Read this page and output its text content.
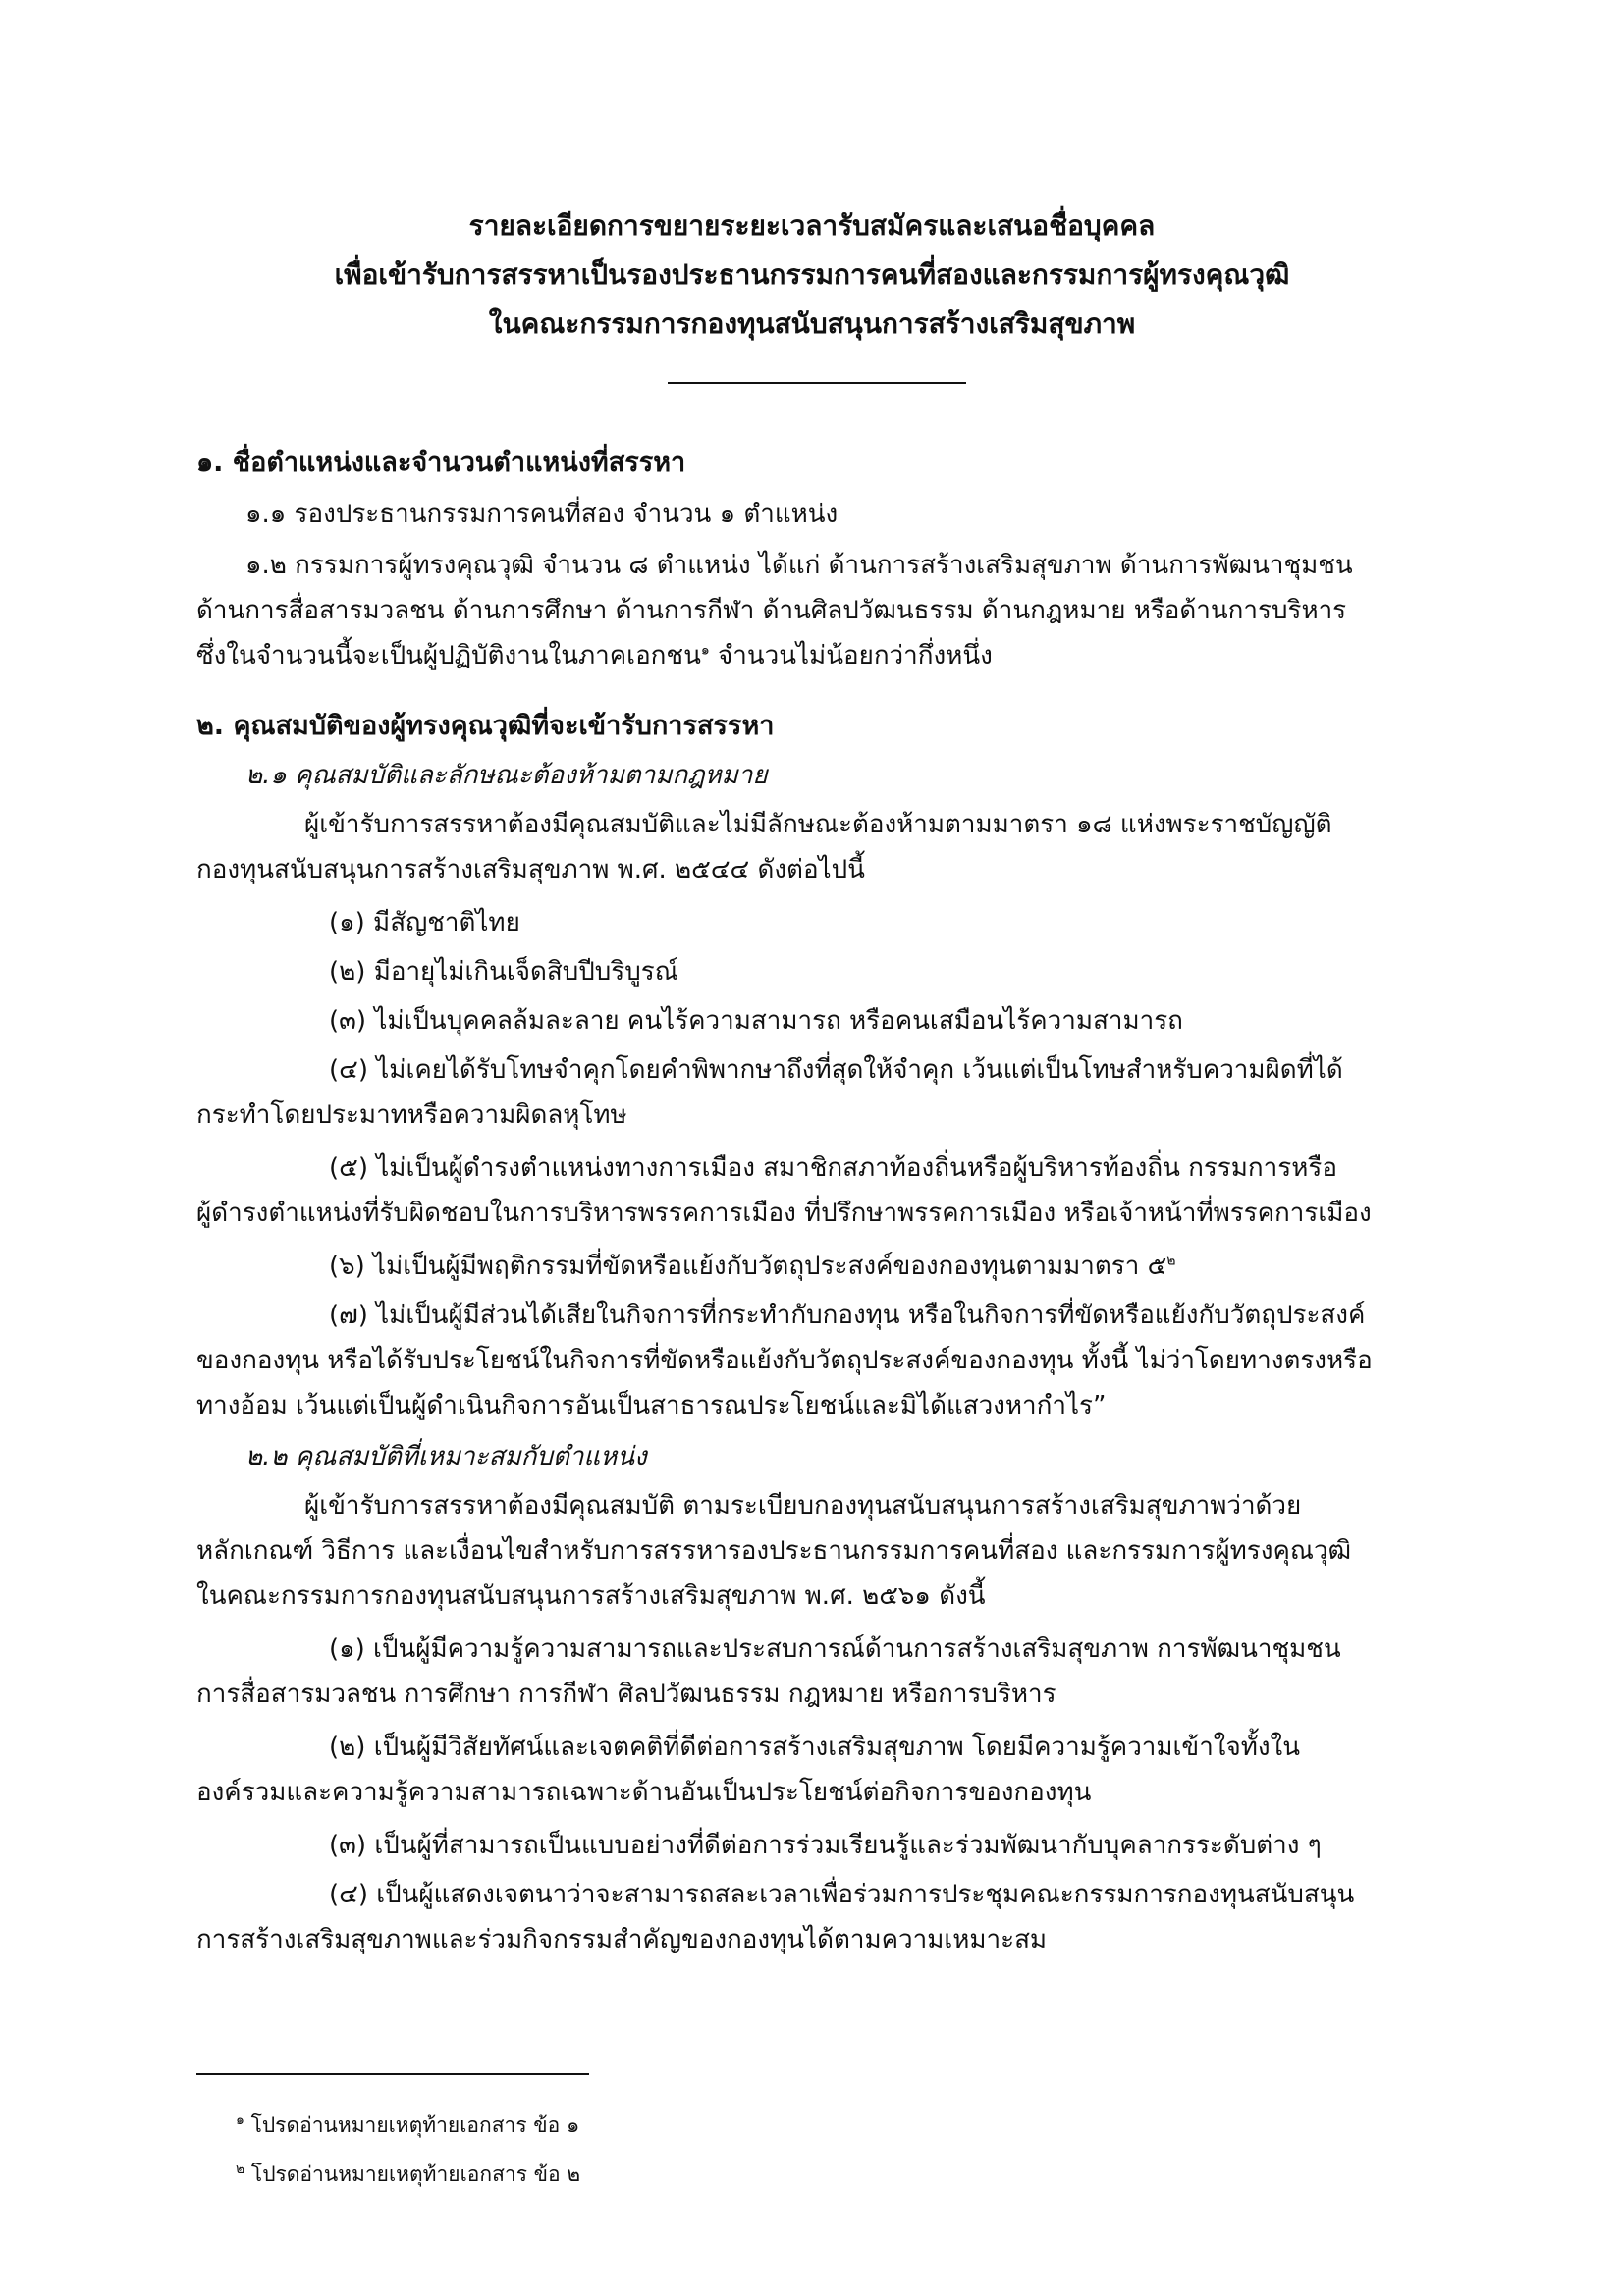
รายละเอียดการขยายระยะเวลารับสมัครและเสนอชื่อบุคคล
เพื่อเข้ารับการสรรหาเป็นรองประธานกรรมการคนที่สองและกรรมการผู้ทรงคุณวุฒิ
ในคณะกรรมการกองทุนสนับสนุนการสร้างเสริมสุขภาพ
๑. ชื่อตำแหน่งและจำนวนตำแหน่งที่สรรหา
๑.๑ รองประธานกรรมการคนที่สอง จำนวน ๑ ตำแหน่ง
๑.๒ กรรมการผู้ทรงคุณวุฒิ จำนวน ๘ ตำแหน่ง ได้แก่ ด้านการสร้างเสริมสุขภาพ ด้านการพัฒนาชุมชน
ด้านการสื่อสารมวลชน ด้านการศึกษา ด้านการกีฬา ด้านศิลปวัฒนธรรม ด้านกฎหมาย หรือด้านการบริหาร
ซึ่งในจำนวนนี้จะเป็นผู้ปฏิบัติงานในภาคเอกชน$^๑$ จำนวนไม่น้อยกว่ากึ่งหนึ่ง
๒. คุณสมบัติของผู้ทรงคุณวุฒิที่จะเข้ารับการสรรหา
๒.๑ คุณสมบัติและลักษณะต้องห้ามตามกฎหมาย
ผู้เข้ารับการสรรหาต้องมีคุณสมบัติและไม่มีลักษณะต้องห้ามตามมาตรา ๑๘ แห่งพระราชบัญญัติ
กองทุนสนับสนุนการสร้างเสริมสุขภาพ พ.ศ. ๒๕๔๔ ดังต่อไปนี้
(๑) มีสัญชาติไทย
(๒) มีอายุไม่เกินเจ็ดสิบปีบริบูรณ์
(๓) ไม่เป็นบุคคลล้มละลาย คนไร้ความสามารถ หรือคนเสมือนไร้ความสามารถ
(๔) ไม่เคยได้รับโทษจำคุกโดยคำพิพากษาถึงที่สุดให้จำคุก เว้นแต่เป็นโทษสำหรับความผิดที่ได้
กระทำโดยประมาทหรือความผิดลหุโทษ
(๕) ไม่เป็นผู้ดำรงตำแหน่งทางการเมือง สมาชิกสภาท้องถิ่นหรือผู้บริหารท้องถิ่น กรรมการหรือ
ผู้ดำรงตำแหน่งที่รับผิดชอบในการบริหารพรรคการเมือง ที่ปรึกษาพรรคการเมือง หรือเจ้าหน้าที่พรรคการเมือง
(๖) ไม่เป็นผู้มีพฤติกรรมที่ขัดหรือแย้งกับวัตถุประสงค์ของกองทุนตามมาตรา ๕$^๒$
(๗) ไม่เป็นผู้มีส่วนได้เสียในกิจการที่กระทำกับกองทุน หรือในกิจการที่ขัดหรือแย้งกับวัตถุประสงค์
ของกองทุน หรือได้รับประโยชน์ในกิจการที่ขัดหรือแย้งกับวัตถุประสงค์ของกองทุน ทั้งนี้ ไม่ว่าโดยทางตรงหรือ
ทางอ้อม เว้นแต่เป็นผู้ดำเนินกิจการอันเป็นสาธารณประโยชน์และมิได้แสวงหากำไร”
๒.๒ คุณสมบัติที่เหมาะสมกับตำแหน่ง
ผู้เข้ารับการสรรหาต้องมีคุณสมบัติ ตามระเบียบกองทุนสนับสนุนการสร้างเสริมสุขภาพว่าด้วย
หลักเกณฑ์ วิธีการ และเงื่อนไขสำหรับการสรรหารองประธานกรรมการคนที่สอง และกรรมการผู้ทรงคุณวุฒิ
ในคณะกรรมการกองทุนสนับสนุนการสร้างเสริมสุขภาพ พ.ศ. ๒๕๖๑ ดังนี้
(๑) เป็นผู้มีความรู้ความสามารถและประสบการณ์ด้านการสร้างเสริมสุขภาพ การพัฒนาชุมชน
การสื่อสารมวลชน การศึกษา การกีฬา ศิลปวัฒนธรรม กฎหมาย หรือการบริหาร
(๒) เป็นผู้มีวิสัยทัศน์และเจตคติที่ดีต่อการสร้างเสริมสุขภาพ โดยมีความรู้ความเข้าใจทั้งใน
องค์รวมและความรู้ความสามารถเฉพาะด้านอันเป็นประโยชน์ต่อกิจการของกองทุน
(๓) เป็นผู้ที่สามารถเป็นแบบอย่างที่ดีต่อการร่วมเรียนรู้และร่วมพัฒนากับบุคลากรระดับต่าง ๆ
(๔) เป็นผู้แสดงเจตนาว่าจะสามารถสละเวลาเพื่อร่วมการประชุมคณะกรรมการกองทุนสนับสนุน
การสร้างเสริมสุขภาพและร่วมกิจกรรมสำคัญของกองทุนได้ตามความเหมาะสม
$^๑$ โปรดอ่านหมายเหตุท้ายเอกสาร ข้อ ๑
$^๒$ โปรดอ่านหมายเหตุท้ายเอกสาร ข้อ ๒
